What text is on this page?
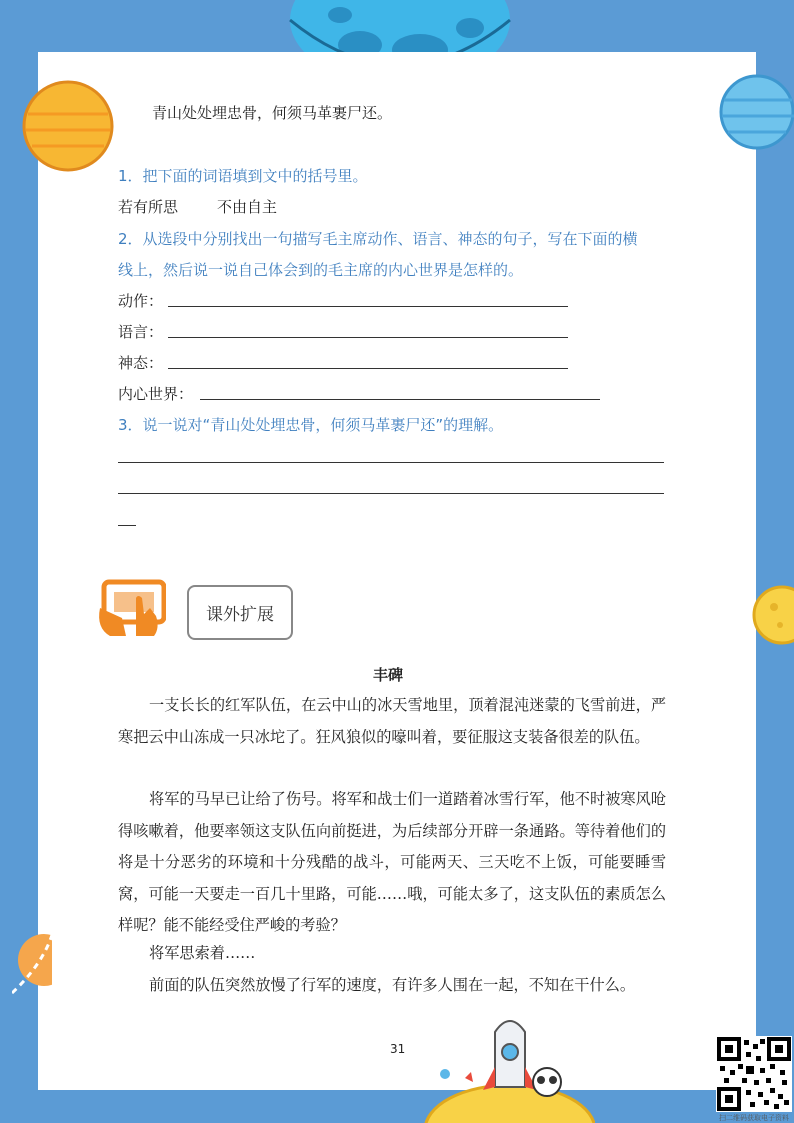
青山处处埋忠骨，何须马革裹尸还。
1．把下面的词语填到文中的括号里。
若有所思	不由自主
2．从选段中分别找出一句描写毛主席动作、语言、神态的句子，写在下面的横
线上，然后说一说自己体会到的毛主席的内心世界是怎样的。
动作：
语言：
神态：
内心世界：
3．说一说对“青山处处埋忠骨，何须马革裹尸还”的理解。
课外扩展
丰碑
一支长长的红军队伍，在云中山的冰天雪地里，顶着混沌迷蒙的飞雪前进，严寒把云中山冻成一只冰坨了。狂风狼似的嚎叫着，要征服这支装备很差的队伍。
将军的马早已让给了伤号。将军和战士们一道踏着冰雪行军，他不时被寒风呛得咳嗽着，他要率领这支队伍向前挺进，为后续部分开辟一条通路。等待着他们的将是十分恶劣的环境和十分残酷的战斗，可能两天、三天吃不上饭，可能要睡雪窝，可能一天要走一百几十里路，可能……哦，可能太多了，这支队伍的素质怎么样呢？能不能经受住严峻的考验？
将军思索着……
前面的队伍突然放慢了行军的速度，有许多人围在一起，不知在干什么。
31
扫二维码获取电子资料
